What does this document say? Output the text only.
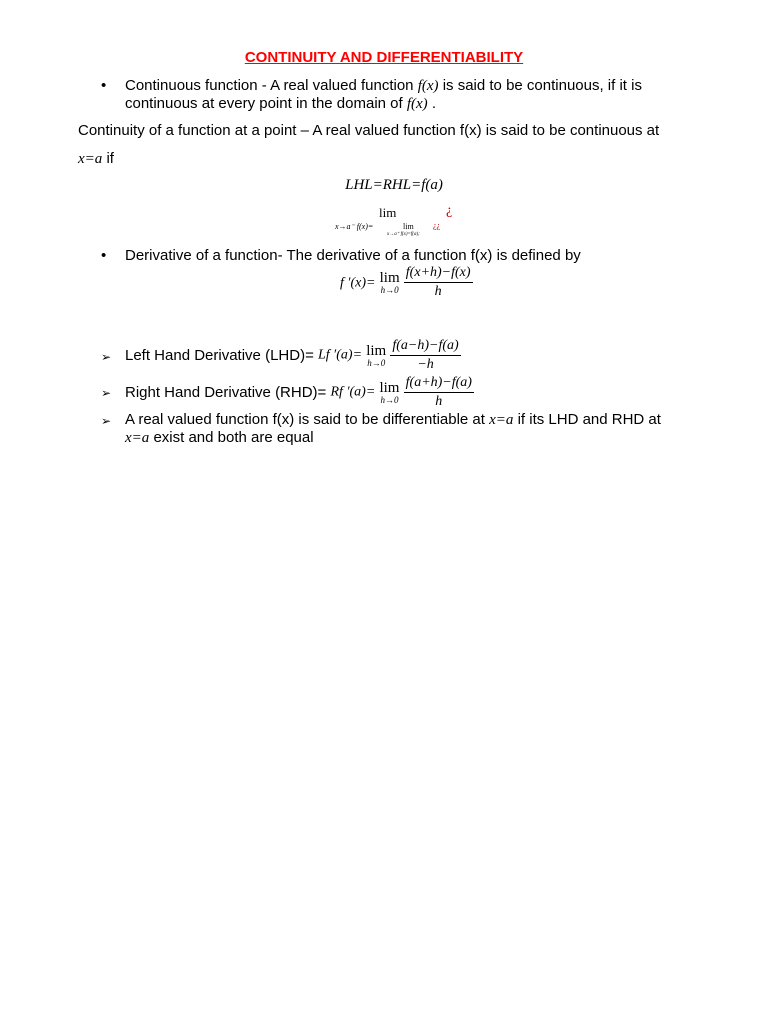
CONTINUITY AND DIFFERENTIABILITY
• Continuous function - A real valued function f(x) is said to be continuous, if it is
continuous at every point in the domain of f(x) .
Continuity of a function at a point – A real valued function f(x) is said to be continuous at
x=a if
LHL=RHL=f(a)
lim
x→a⁻ f(x)=	lim
x→a⁺ f(x)=f(a);
¿
¿¿
• Derivative of a function- The derivative of a function f(x) is defined by
f ′(x)= lim
h→0
$\frac{f(x+h)-f(x)}{h}$
➢ Left Hand Derivative (LHD)= Lf ′(a)= lim
h→0
$\frac{f(a-h)-f(a)}{-h}$
➢ Right Hand Derivative (RHD)= Rf ′(a)= lim
h→0
$\frac{f(a+h)-f(a)}{h}$
➢ A real valued function f(x) is said to be differentiable at x=a if its LHD and RHD at
x=a exist and both are equal
